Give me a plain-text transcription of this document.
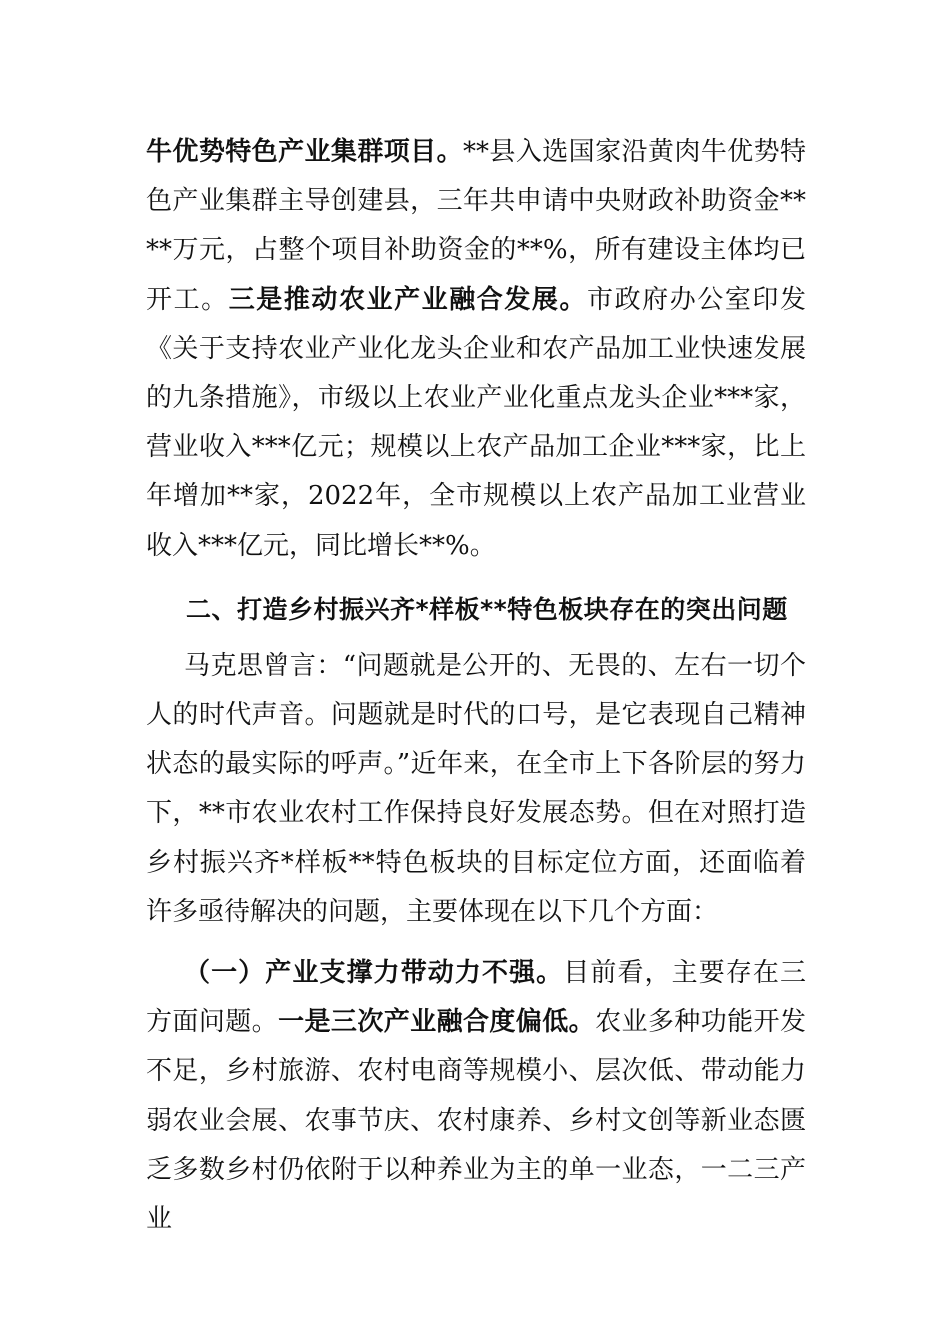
牛优势特色产业集群项目。**县入选国家沿黄肉牛优势特色产业集群主导创建县，三年共申请中央财政补助资金****万元，占整个项目补助资金的**%，所有建设主体均已开工。三是推动农业产业融合发展。市政府办公室印发《关于支持农业产业化龙头企业和农产品加工业快速发展的九条措施》，市级以上农业产业化重点龙头企业***家，营业收入***亿元；规模以上农产品加工企业***家，比上年增加**家，2022年，全市规模以上农产品加工业营业收入***亿元，同比增长**%。

二、打造乡村振兴齐*样板**特色板块存在的突出问题

马克思曾言：“问题就是公开的、无畏的、左右一切个人的时代声音。问题就是时代的口号，是它表现自己精神状态的最实际的呼声。”近年来，在全市上下各阶层的努力下，**市农业农村工作保持良好发展态势。但在对照打造乡村振兴齐*样板**特色板块的目标定位方面，还面临着许多亟待解决的问题，主要体现在以下几个方面：

（一）产业支撑力带动力不强。目前看，主要存在三方面问题。一是三次产业融合度偏低。农业多种功能开发不足，乡村旅游、农村电商等规模小、层次低、带动能力弱农业会展、农事节庆、农村康养、乡村文创等新业态匮乏多数乡村仍依附于以种养业为主的单一业态，一二三产业
